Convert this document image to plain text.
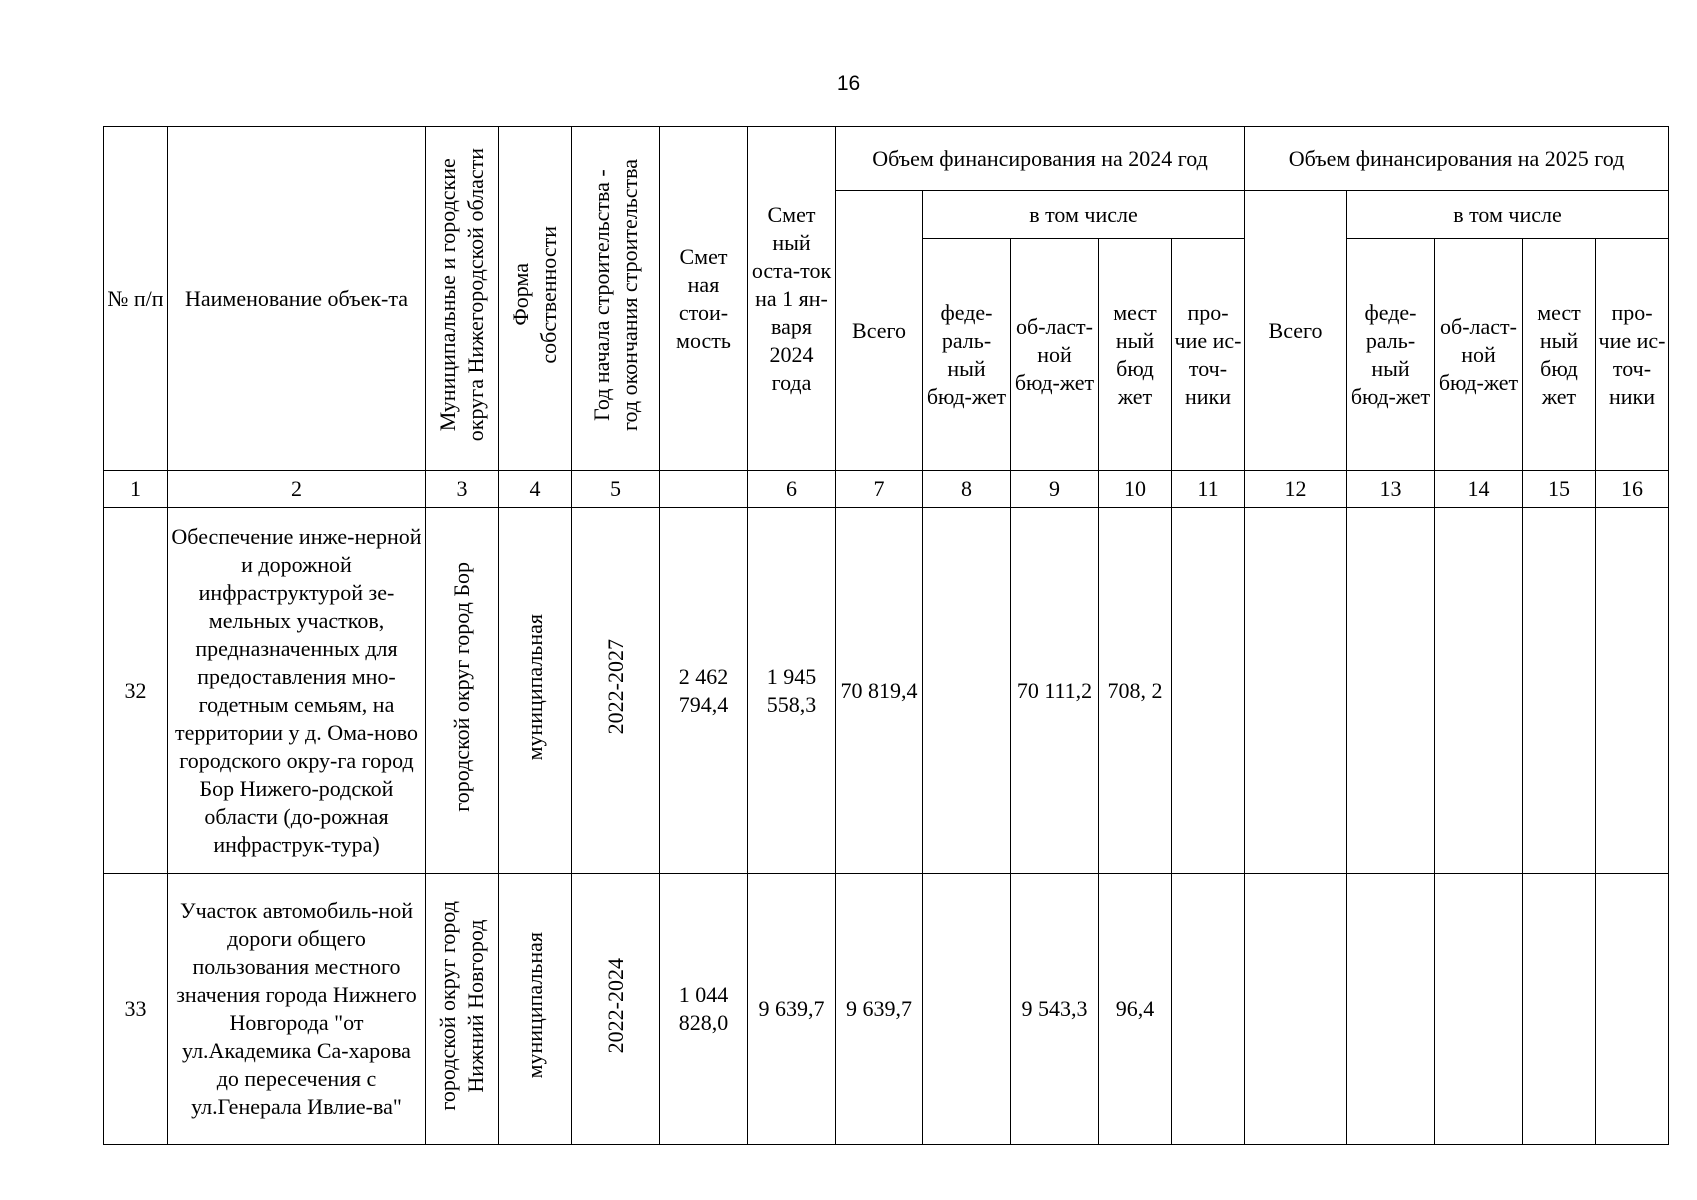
16
№ п/п	Наименование объек-та	Муниципальные и городские округа Нижегородской области	Форма собственности	Год начала строительства - год окончания строительства	Смет ная стои-мость	Смет ный оста-ток на 1 ян-варя 2024 года	Объем финансирования на 2024 год					Объем финансирования на 2025 год				
							Всего	в том числе				Всего	в том числе			
								феде-раль-ный бюд-жет	об-ласт-ной бюд-жет	мест ный бюд жет	про-чие ис-точ-ники		феде-раль-ный бюд-жет	об-ласт-ной бюд-жет	мест ный бюд жет	про-чие ис-точ-ники
1	2	3	4	5		6	7	8	9	10	11	12	13	14	15	16
32	Обеспечение инже-нерной и дорожной инфраструктурой зе-мельных участков, предназначенных для предоставления мно-годетным семьям, на территории у д. Ома-ново городского окру-га город Бор Нижего-родской области (до-рожная инфраструк-тура)	городской округ город Бор	муниципальная	2022-2027	2 462 794,4	1 945 558,3	70 819,4		70 111,2	708, 2						
33	Участок автомобиль-ной дороги общего пользования местного значения города Нижнего Новгорода "от ул.Академика Са-харова до пересечения с ул.Генерала Ивлие-ва"	городской округ город Нижний Новгород	муниципальная	2022-2024	1 044 828,0	9 639,7	9 639,7		9 543,3	96,4						
